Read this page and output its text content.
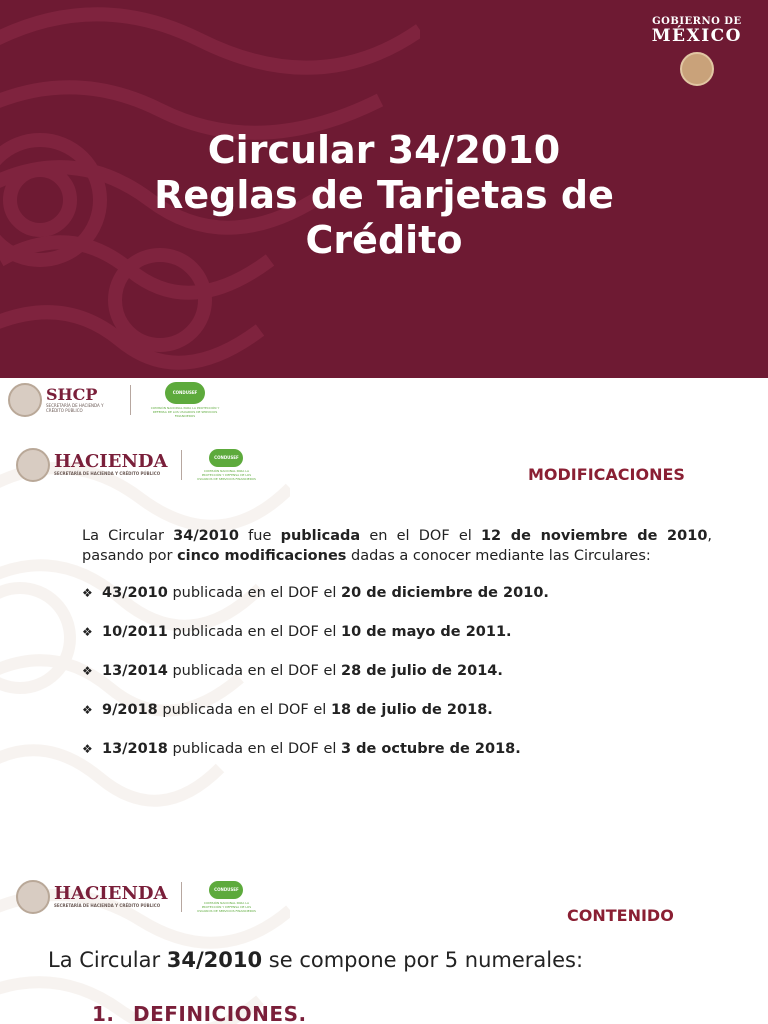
GOBIERNO DE
MÉXICO
Circular 34/2010
Reglas de Tarjetas de
Crédito
SHCP
SECRETARÍA DE HACIENDA Y CRÉDITO PÚBLICO
CONDUSEF
COMISIÓN NACIONAL PARA LA PROTECCIÓN Y DEFENSA DE LOS USUARIOS DE SERVICIOS FINANCIEROS
HACIENDA
SECRETARÍA DE HACIENDA Y CRÉDITO PÚBLICO
CONDUSEF
COMISIÓN NACIONAL PARA LA PROTECCIÓN Y DEFENSA DE LOS USUARIOS DE SERVICIOS FINANCIEROS	MODIFICACIONES
La Circular 34/2010 fue publicada en el DOF el 12 de noviembre de 2010, pasando por cinco modificaciones dadas a conocer mediante las Circulares:
❖ 43/2010 publicada en el DOF el 20 de diciembre de 2010.
❖ 10/2011 publicada en el DOF el 10 de mayo de 2011.
❖ 13/2014 publicada en el DOF el 28 de julio de 2014.
❖ 9/2018 publicada en el DOF el 18 de julio de 2018.
❖ 13/2018 publicada en el DOF el 3 de octubre de 2018.
HACIENDA
SECRETARÍA DE HACIENDA Y CRÉDITO PÚBLICO
CONDUSEF
COMISIÓN NACIONAL PARA LA PROTECCIÓN Y DEFENSA DE LOS USUARIOS DE SERVICIOS FINANCIEROS	CONTENIDO
La Circular 34/2010 se compone por 5 numerales:
1. DEFINICIONES.
